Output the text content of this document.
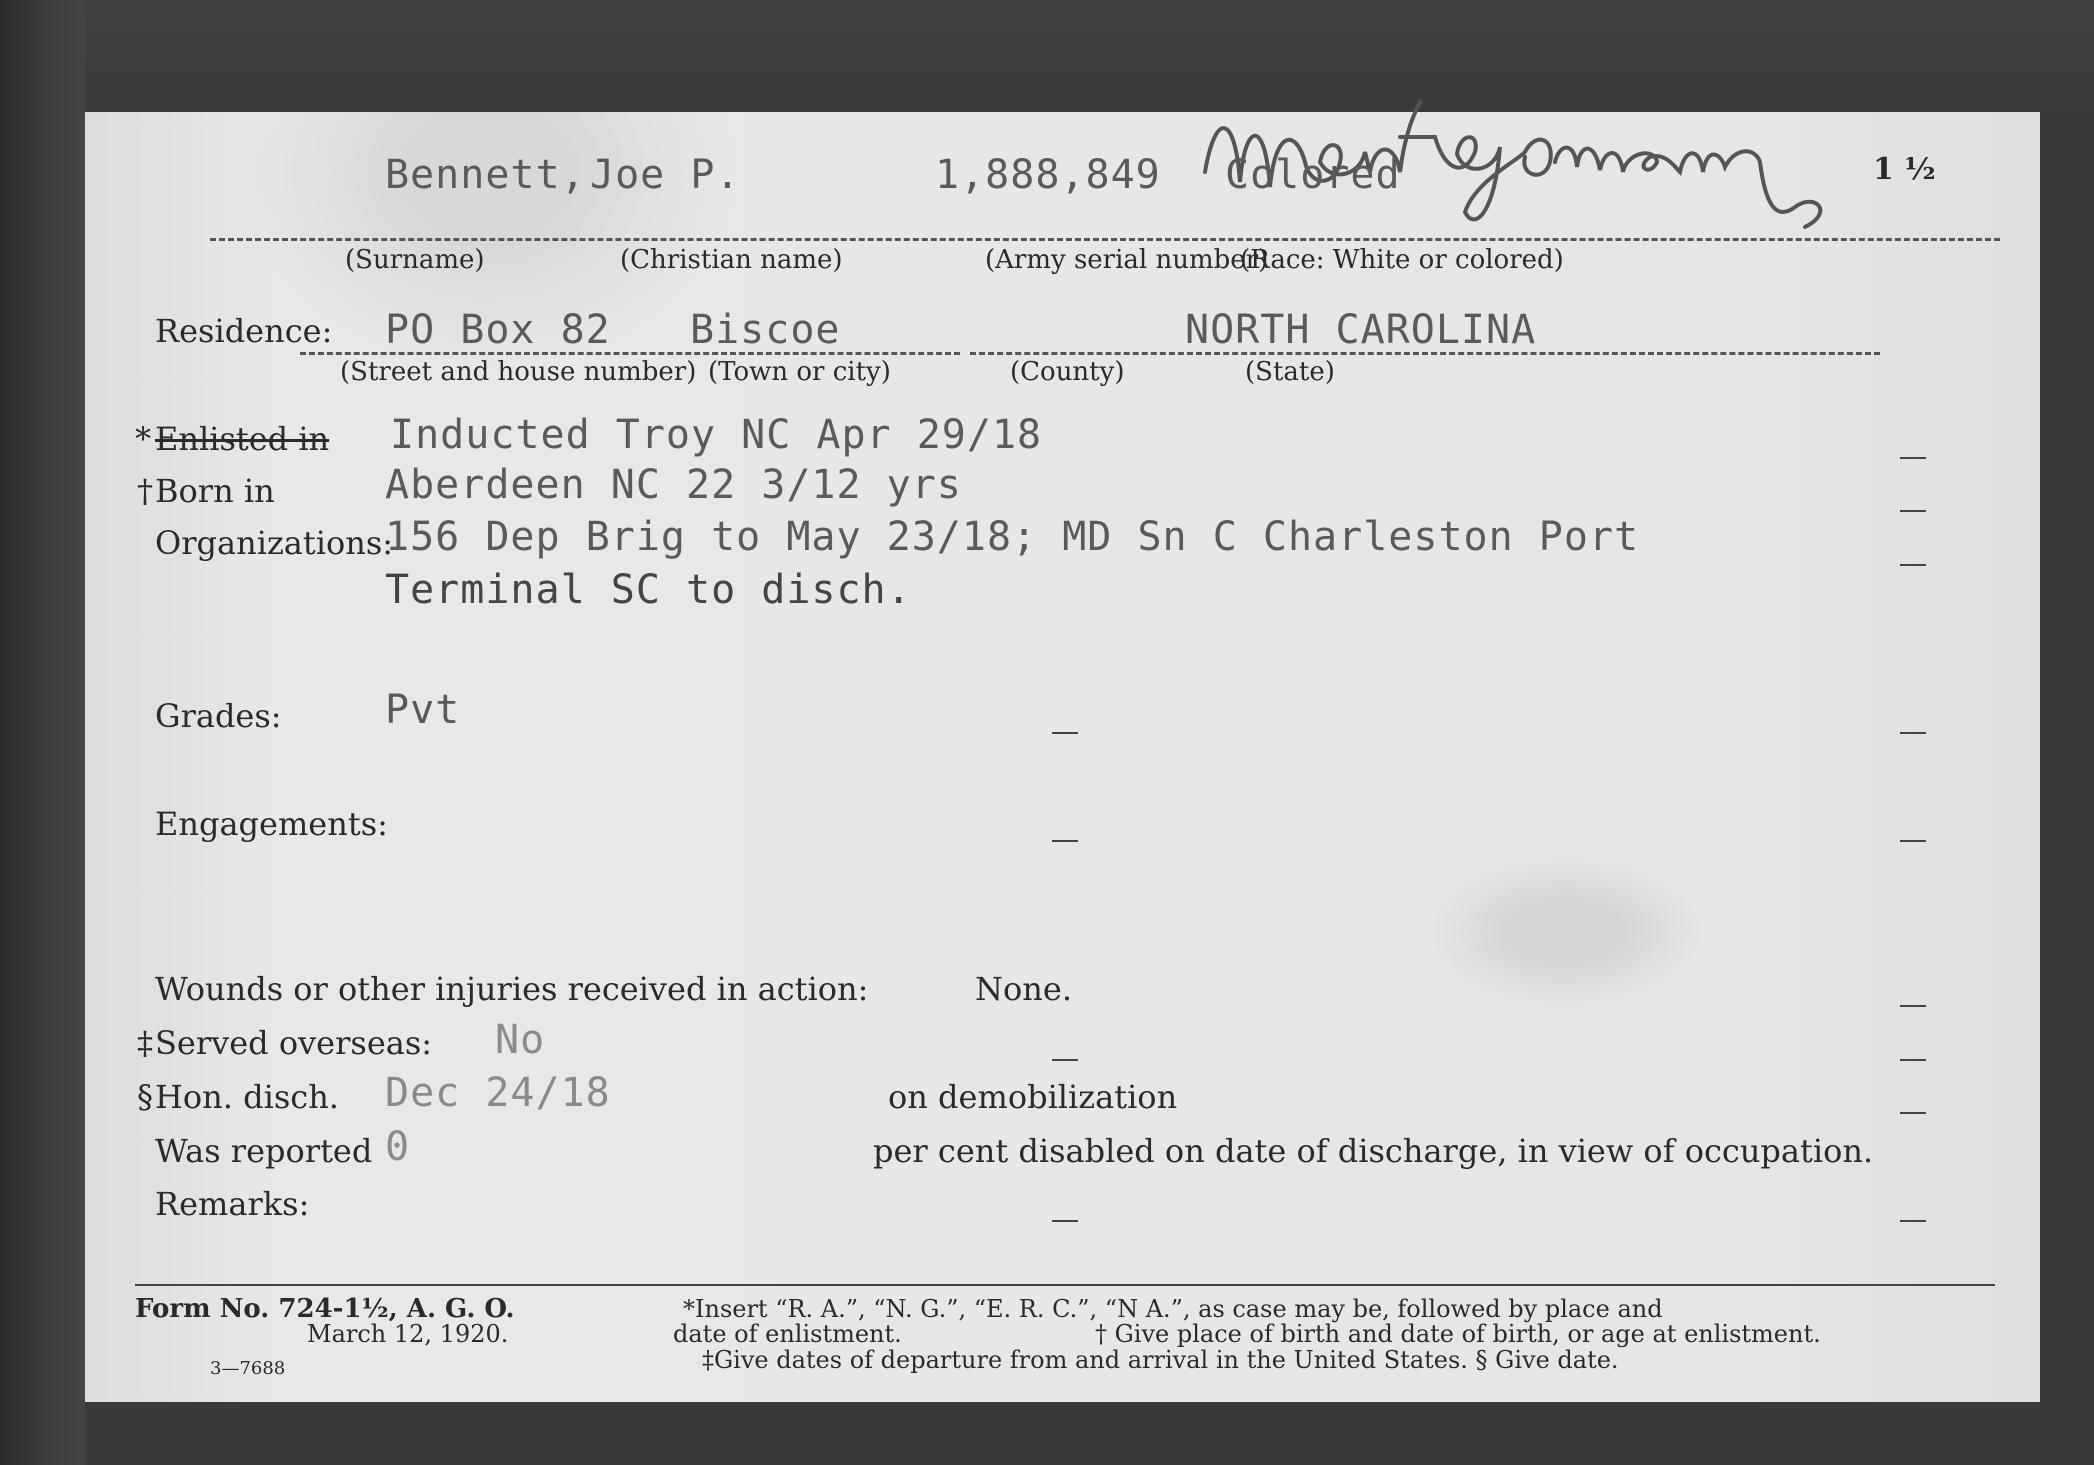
1 ½
Bennett, Joe P.	1,888,849 Colored
(Surname)	(Christian name)	(Army serial number)
(Race: White or colored)
Residence: PO Box 82 Biscoe	NORTH CAROLINA
(Street and house number) (Town or city)	(County)	(State)
* Enlisted in Inducted Troy NC Apr 29/18
† Born in	Aberdeen NC 22 3/12 yrs
Organizations:
156 Dep Brig to May 23/18; MD Sn C Charleston Port
Terminal SC to disch.
Grades:	Pvt
Engagements:
Wounds or other injuries received in action:	None.
‡ Served overseas: No
§ Hon. disch. Dec 24/18	on demobilization
Was reported 0	per cent disabled on date of discharge, in view of occupation.
Remarks:
Form No. 724-1½, A. G. O.
March 12, 1920.
3—7688
*Insert “R. A.”, “N. G.”, “E. R. C.”, “N A.”, as case may be, followed by place and
date of enlistment.	† Give place of birth and date of birth, or age at enlistment.
‡Give dates of departure from and arrival in the United States. § Give date.
